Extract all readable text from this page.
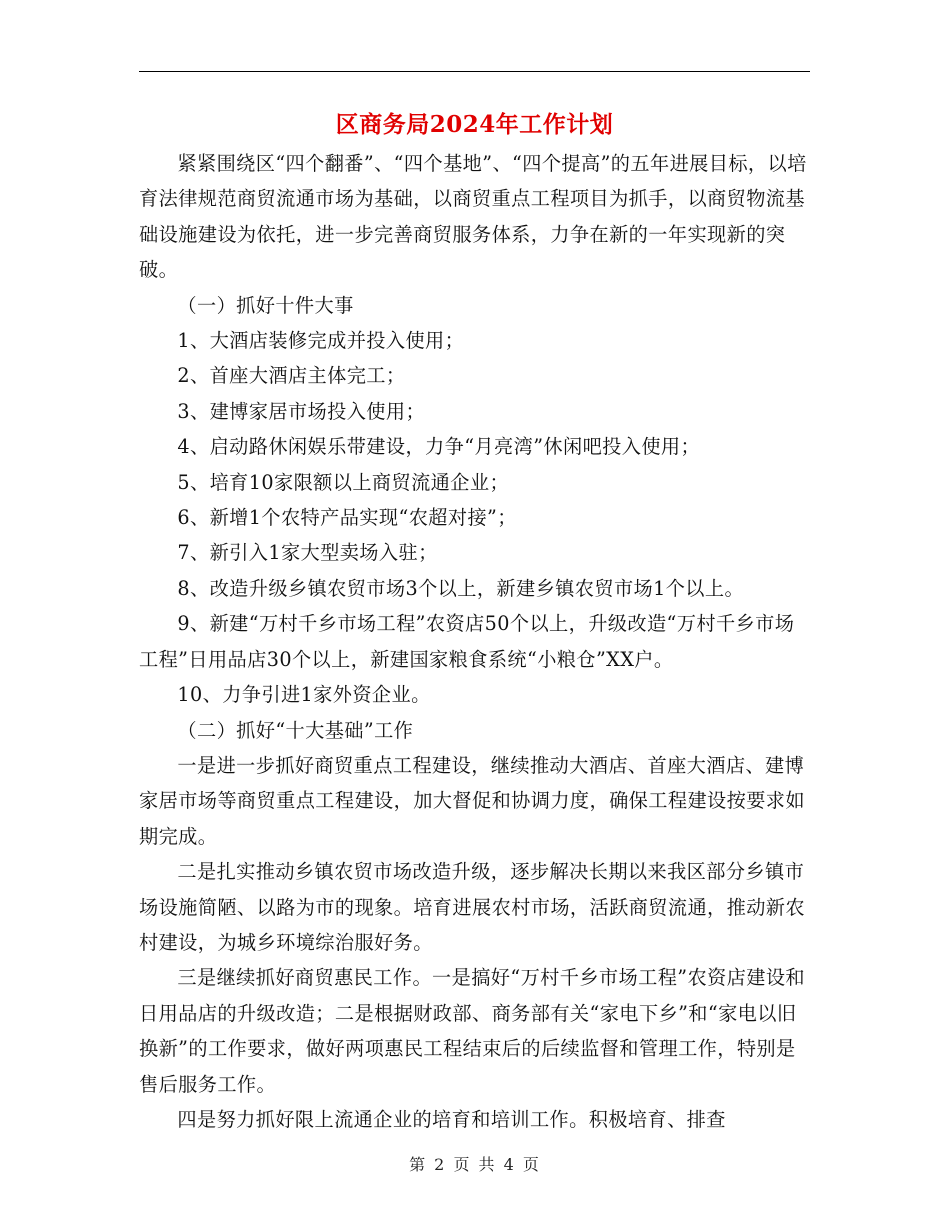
区商务局2024年工作计划

紧紧围绕区“四个翻番”、“四个基地”、“四个提高”的五年进展目标，以培育法律规范商贸流通市场为基础，以商贸重点工程项目为抓手，以商贸物流基础设施建设为依托，进一步完善商贸服务体系，力争在新的一年实现新的突破。

（一）抓好十件大事

1、大酒店装修完成并投入使用；

2、首座大酒店主体完工；

3、建博家居市场投入使用；

4、启动路休闲娱乐带建设，力争“月亮湾”休闲吧投入使用；

5、培育10家限额以上商贸流通企业；

6、新增1个农特产品实现“农超对接”；

7、新引入1家大型卖场入驻；

8、改造升级乡镇农贸市场3个以上，新建乡镇农贸市场1个以上。

9、新建“万村千乡市场工程”农资店50个以上，升级改造“万村千乡市场工程”日用品店30个以上，新建国家粮食系统“小粮仓”XX户。

10、力争引进1家外资企业。

（二）抓好“十大基础”工作

一是进一步抓好商贸重点工程建设，继续推动大酒店、首座大酒店、建博家居市场等商贸重点工程建设，加大督促和协调力度，确保工程建设按要求如期完成。

二是扎实推动乡镇农贸市场改造升级，逐步解决长期以来我区部分乡镇市场设施简陋、以路为市的现象。培育进展农村市场，活跃商贸流通，推动新农村建设，为城乡环境综治服好务。

三是继续抓好商贸惠民工作。一是搞好“万村千乡市场工程”农资店建设和日用品店的升级改造；二是根据财政部、商务部有关“家电下乡”和“家电以旧换新”的工作要求，做好两项惠民工程结束后的后续监督和管理工作，特别是售后服务工作。

四是努力抓好限上流通企业的培育和培训工作。积极培育、排查

第 2 页 共 4 页
